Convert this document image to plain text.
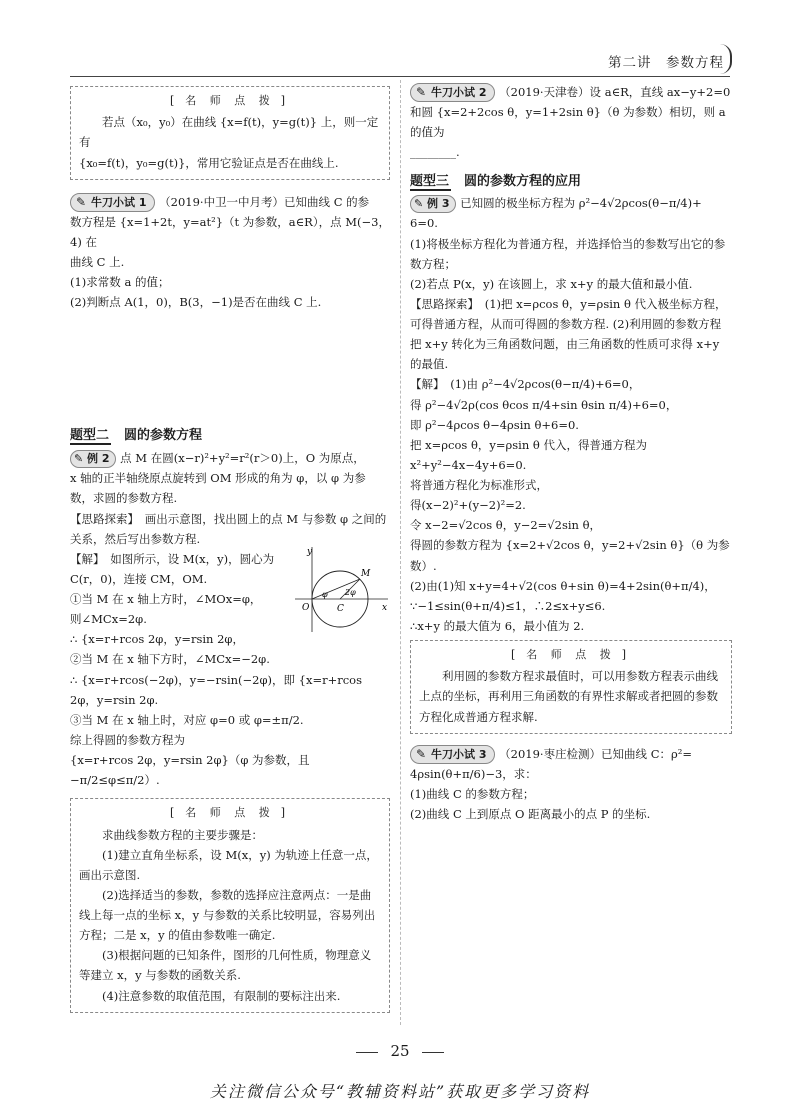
第二讲　参数方程
[ 名 师 点 拨 ]

若点（x₀，y₀）在曲线 {x=f(t)，y=g(t)} 上，则一定有

{x₀=f(t)，y₀=g(t)}，常用它验证点是否在曲线上.

✎ 牛刀小试 1 （2019·中卫一中月考）已知曲线 C 的参

数方程是 {x=1+2t，y=at²}（t 为参数，a∈R），点 M(−3，4) 在

曲线 C 上.

(1)求常数 a 的值；

(2)判断点 A(1，0)，B(3，−1)是否在曲线 C 上.

题型二　 圆的参数方程

✎ 例 2 点 M 在圆(x−r)²+y²=r²(r＞0)上，O 为原点，

x 轴的正半轴绕原点旋转到 OM 形成的角为 φ，以 φ 为参

数，求圆的参数方程.

【思路探索】　画出示意图，找出圆上的点 M 与参数 φ 之间的关系，然后写出参数方程.

【解】　如图所示，设 M(x，y)，圆心为

C(r，0)，连接 CM，OM.

①当 M 在 x 轴上方时，∠MOx=φ，

则∠MCx=2φ.

∴ {x=r+rcos 2φ，y=rsin 2φ，

②当 M 在 x 轴下方时，∠MCx=−2φ.

∴ {x=r+rcos(−2φ)，y=−rsin(−2φ)，即 {x=r+rcos 2φ，y=rsin 2φ.

③当 M 在 x 轴上时，对应 φ=0 或 φ=±π/2.

综上得圆的参数方程为

{x=r+rcos 2φ，y=rsin 2φ}（φ 为参数，且 −π/2≤φ≤π/2）.

y
x
O
M
C
φ 2φ
[ 名 师 点 拨 ]

求曲线参数方程的主要步骤是：

(1)建立直角坐标系，设 M(x，y) 为轨迹上任意一点，画出示意图.

(2)选择适当的参数，参数的选择应注意两点：一是曲线上每一点的坐标 x，y 与参数的关系比较明显，容易列出方程；二是 x，y 的值由参数唯一确定.

(3)根据问题的已知条件，图形的几何性质，物理意义等建立 x，y 与参数的函数关系.

(4)注意参数的取值范围，有限制的要标注出来.

✎ 牛刀小试 2 （2019·天津卷）设 a∈R，直线 ax−y+2=0

和圆 {x=2+2cos θ，y=1+2sin θ}（θ 为参数）相切，则 a 的值为

________.

题型三　 圆的参数方程的应用

✎ 例 3 已知圆的极坐标方程为 ρ²−4√2ρcos(θ−π/4)+

6=0.

(1)将极坐标方程化为普通方程，并选择恰当的参数写出它的参数方程；

(2)若点 P(x，y) 在该圆上，求 x+y 的最大值和最小值.

【思路探索】　(1)把 x=ρcos θ，y=ρsin θ 代入极坐标方程，可得普通方程，从而可得圆的参数方程. (2)利用圆的参数方程把 x+y 转化为三角函数问题，由三角函数的性质可求得 x+y 的最值.

【解】　(1)由 ρ²−4√2ρcos(θ−π/4)+6=0，

得 ρ²−4√2ρ(cos θcos π/4+sin θsin π/4)+6=0，

即 ρ²−4ρcos θ−4ρsin θ+6=0.

把 x=ρcos θ，y=ρsin θ 代入，得普通方程为 x²+y²−4x−4y+6=0.

将普通方程化为标准形式，

得(x−2)²+(y−2)²=2.

令 x−2=√2cos θ，y−2=√2sin θ，

得圆的参数方程为 {x=2+√2cos θ，y=2+√2sin θ}（θ 为参数）.

(2)由(1)知 x+y=4+√2(cos θ+sin θ)=4+2sin(θ+π/4)，

∵−1≤sin(θ+π/4)≤1，∴2≤x+y≤6.

∴x+y 的最大值为 6，最小值为 2.

[ 名 师 点 拨 ]

利用圆的参数方程求最值时，可以用参数方程表示曲线上点的坐标，再利用三角函数的有界性求解或者把圆的参数方程化成普通方程求解.

✎ 牛刀小试 3 （2019·枣庄检测）已知曲线 C：ρ²=

4ρsin(θ+π/6)−3，求：

(1)曲线 C 的参数方程；

(2)曲线 C 上到原点 O 距离最小的点 P 的坐标.

25
关注微信公众号“教辅资料站”获取更多学习资料
